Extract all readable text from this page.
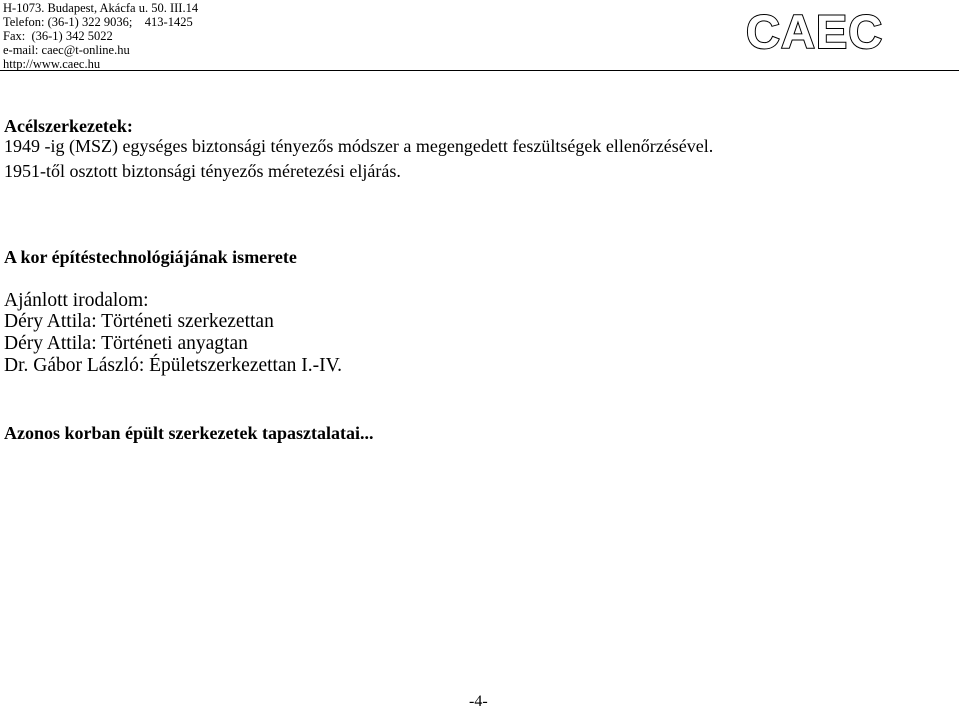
H-1073. Budapest, Akácfa u. 50. III.14
Telefon: (36-1) 322 9036;    413-1425
Fax:  (36-1) 342 5022
e-mail: caec@t-online.hu
http://www.caec.hu
CAEC
Acélszerkezetek:
1949 -ig (MSZ) egységes biztonsági tényezős módszer a megengedett feszültségek ellenőrzésével.
1951-től osztott biztonsági tényezős méretezési eljárás.
A kor építéstechnológiájának ismerete
Ajánlott irodalom:
Déry Attila: Történeti szerkezettan
Déry Attila: Történeti anyagtan
Dr. Gábor László: Épületszerkezettan I.-IV.
Azonos korban épült szerkezetek tapasztalatai...
-4-
